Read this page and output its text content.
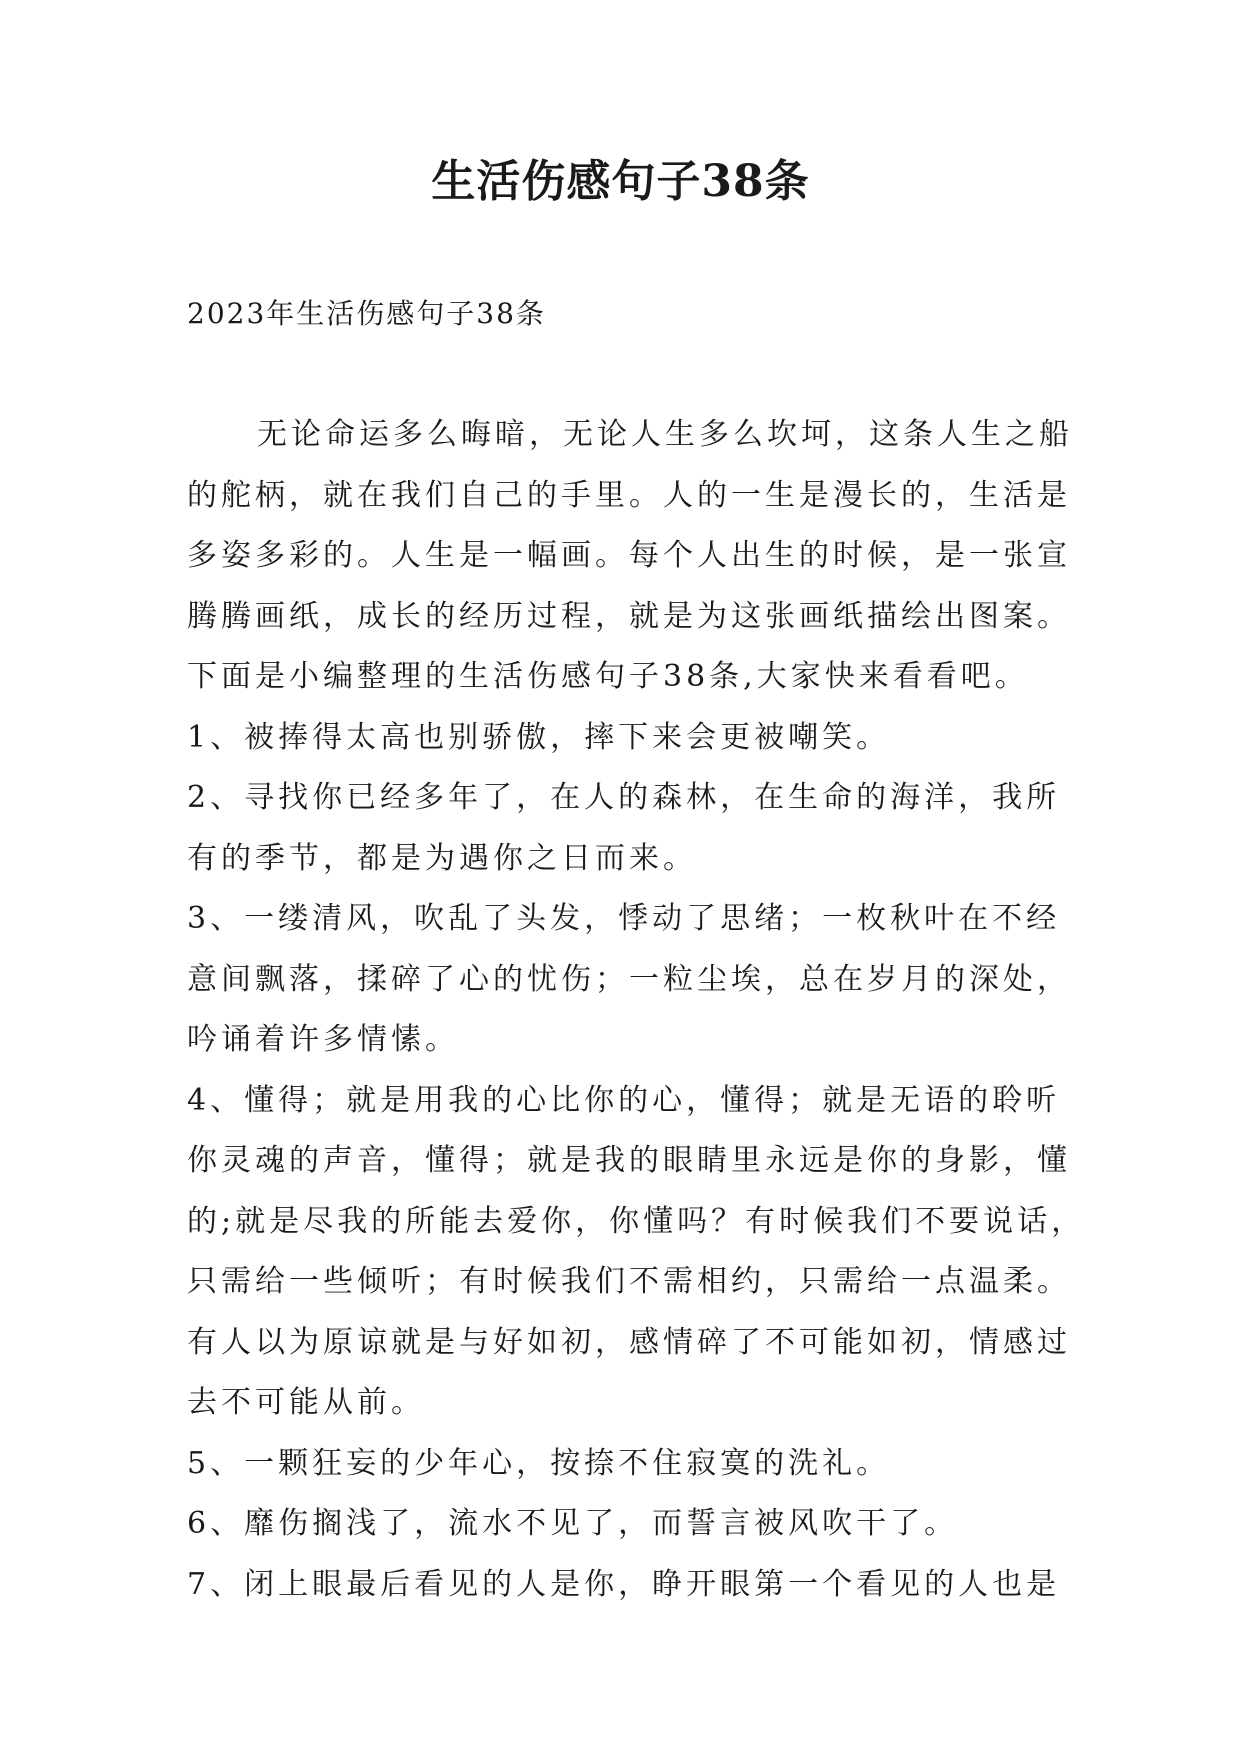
生活伤感句子38条
2023年生活伤感句子38条
无论命运多么晦暗，无论人生多么坎坷，这条人生之船
的舵柄，就在我们自己的手里。人的一生是漫长的，生活是
多姿多彩的。人生是一幅画。每个人出生的时候，是一张宣
腾腾画纸，成长的经历过程，就是为这张画纸描绘出图案。
下面是小编整理的生活伤感句子38条,大家快来看看吧。
1、被捧得太高也别骄傲，摔下来会更被嘲笑。
2、寻找你已经多年了，在人的森林，在生命的海洋，我所
有的季节，都是为遇你之日而来。
3、一缕清风，吹乱了头发，悸动了思绪；一枚秋叶在不经
意间飘落，揉碎了心的忧伤；一粒尘埃，总在岁月的深处，
吟诵着许多情愫。
4、懂得；就是用我的心比你的心，懂得；就是无语的聆听
你灵魂的声音，懂得；就是我的眼睛里永远是你的身影，懂
的;就是尽我的所能去爱你，你懂吗？有时候我们不要说话，
只需给一些倾听；有时候我们不需相约，只需给一点温柔。
有人以为原谅就是与好如初，感情碎了不可能如初，情感过
去不可能从前。
5、一颗狂妄的少年心，按捺不住寂寞的洗礼。
6、靡伤搁浅了，流水不见了，而誓言被风吹干了。
7、闭上眼最后看见的人是你，睁开眼第一个看见的人也是
